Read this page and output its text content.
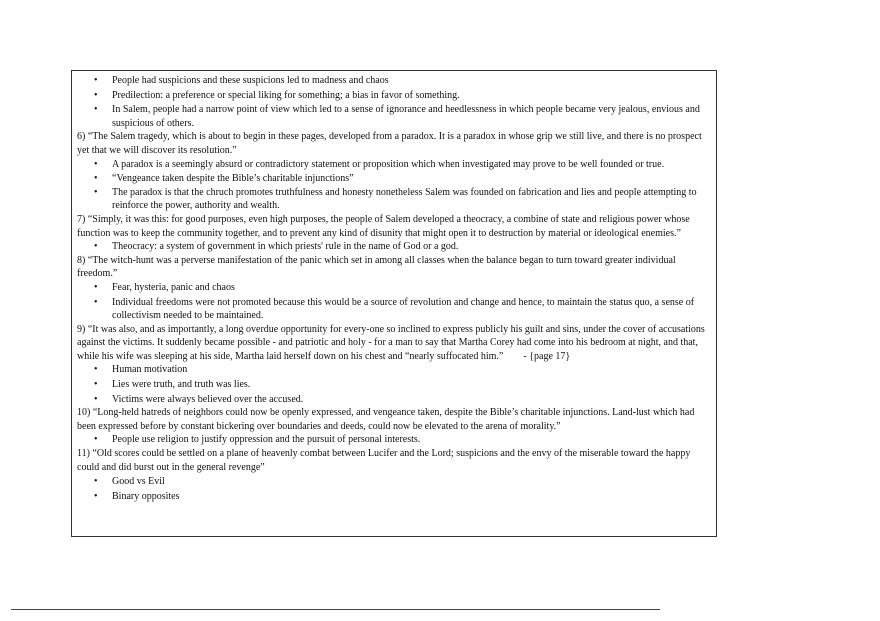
• People had suspicions and these suspicions led to madness and chaos
• Predilection: a preference or special liking for something; a bias in favor of something.
• In Salem, people had a narrow point of view which led to a sense of ignorance and heedlessness in which people became very jealous, envious and suspicious of others.

6) “The Salem tragedy, which is about to begin in these pages, developed from a paradox. It is a paradox in whose grip we still live, and there is no prospect yet that we will discover its resolution.”

• A paradox is a seemingly absurd or contradictory statement or proposition which when investigated may prove to be well founded or true.
• “Vengeance taken despite the Bible’s charitable injunctions”
• The paradox is that the chruch promotes truthfulness and honesty nonetheless Salem was founded on fabrication and lies and people attempting to reinforce the power, authority and wealth.

7) “Simply, it was this: for good purposes, even high purposes, the people of Salem developed a theocracy, a combine of state and religious power whose function was to keep the community together, and to prevent any kind of disunity that might open it to destruction by material or ideological enemies.”

• Theocracy: a system of government in which priests' rule in the name of God or a god.

8) “The witch-hunt was a perverse manifestation of the panic which set in among all classes when the balance began to turn toward greater individual freedom.”

• Fear, hysteria, panic and chaos
• Individual freedoms were not promoted because this would be a source of revolution and change and hence, to maintain the status quo, a sense of collectivism needed to be maintained.

9) “It was also, and as importantly, a long overdue opportunity for every-one so inclined to express publicly his guilt and sins, under the cover of accusations against the victims. It suddenly became possible - and patriotic and holy - for a man to say that Martha Corey had come into his bedroom at night, and that, while his wife was sleeping at his side, Martha laid herself down on his chest and “nearly suffocated him.” - {page 17}

• Human motivation
• Lies were truth, and truth was lies.
• Victims were always believed over the accused.

10) “Long-held hatreds of neighbors could now be openly expressed, and vengeance taken, despite the Bible’s charitable injunctions. Land-lust which had been expressed before by constant bickering over boundaries and deeds, could now be elevated to the arena of morality.”

• People use religion to justify oppression and the pursuit of personal interests.

11) “Old scores could be settled on a plane of heavenly combat between Lucifer and the Lord; suspicions and the envy of the miserable toward the happy could and did burst out in the general revenge”

• Good vs Evil
• Binary opposites
